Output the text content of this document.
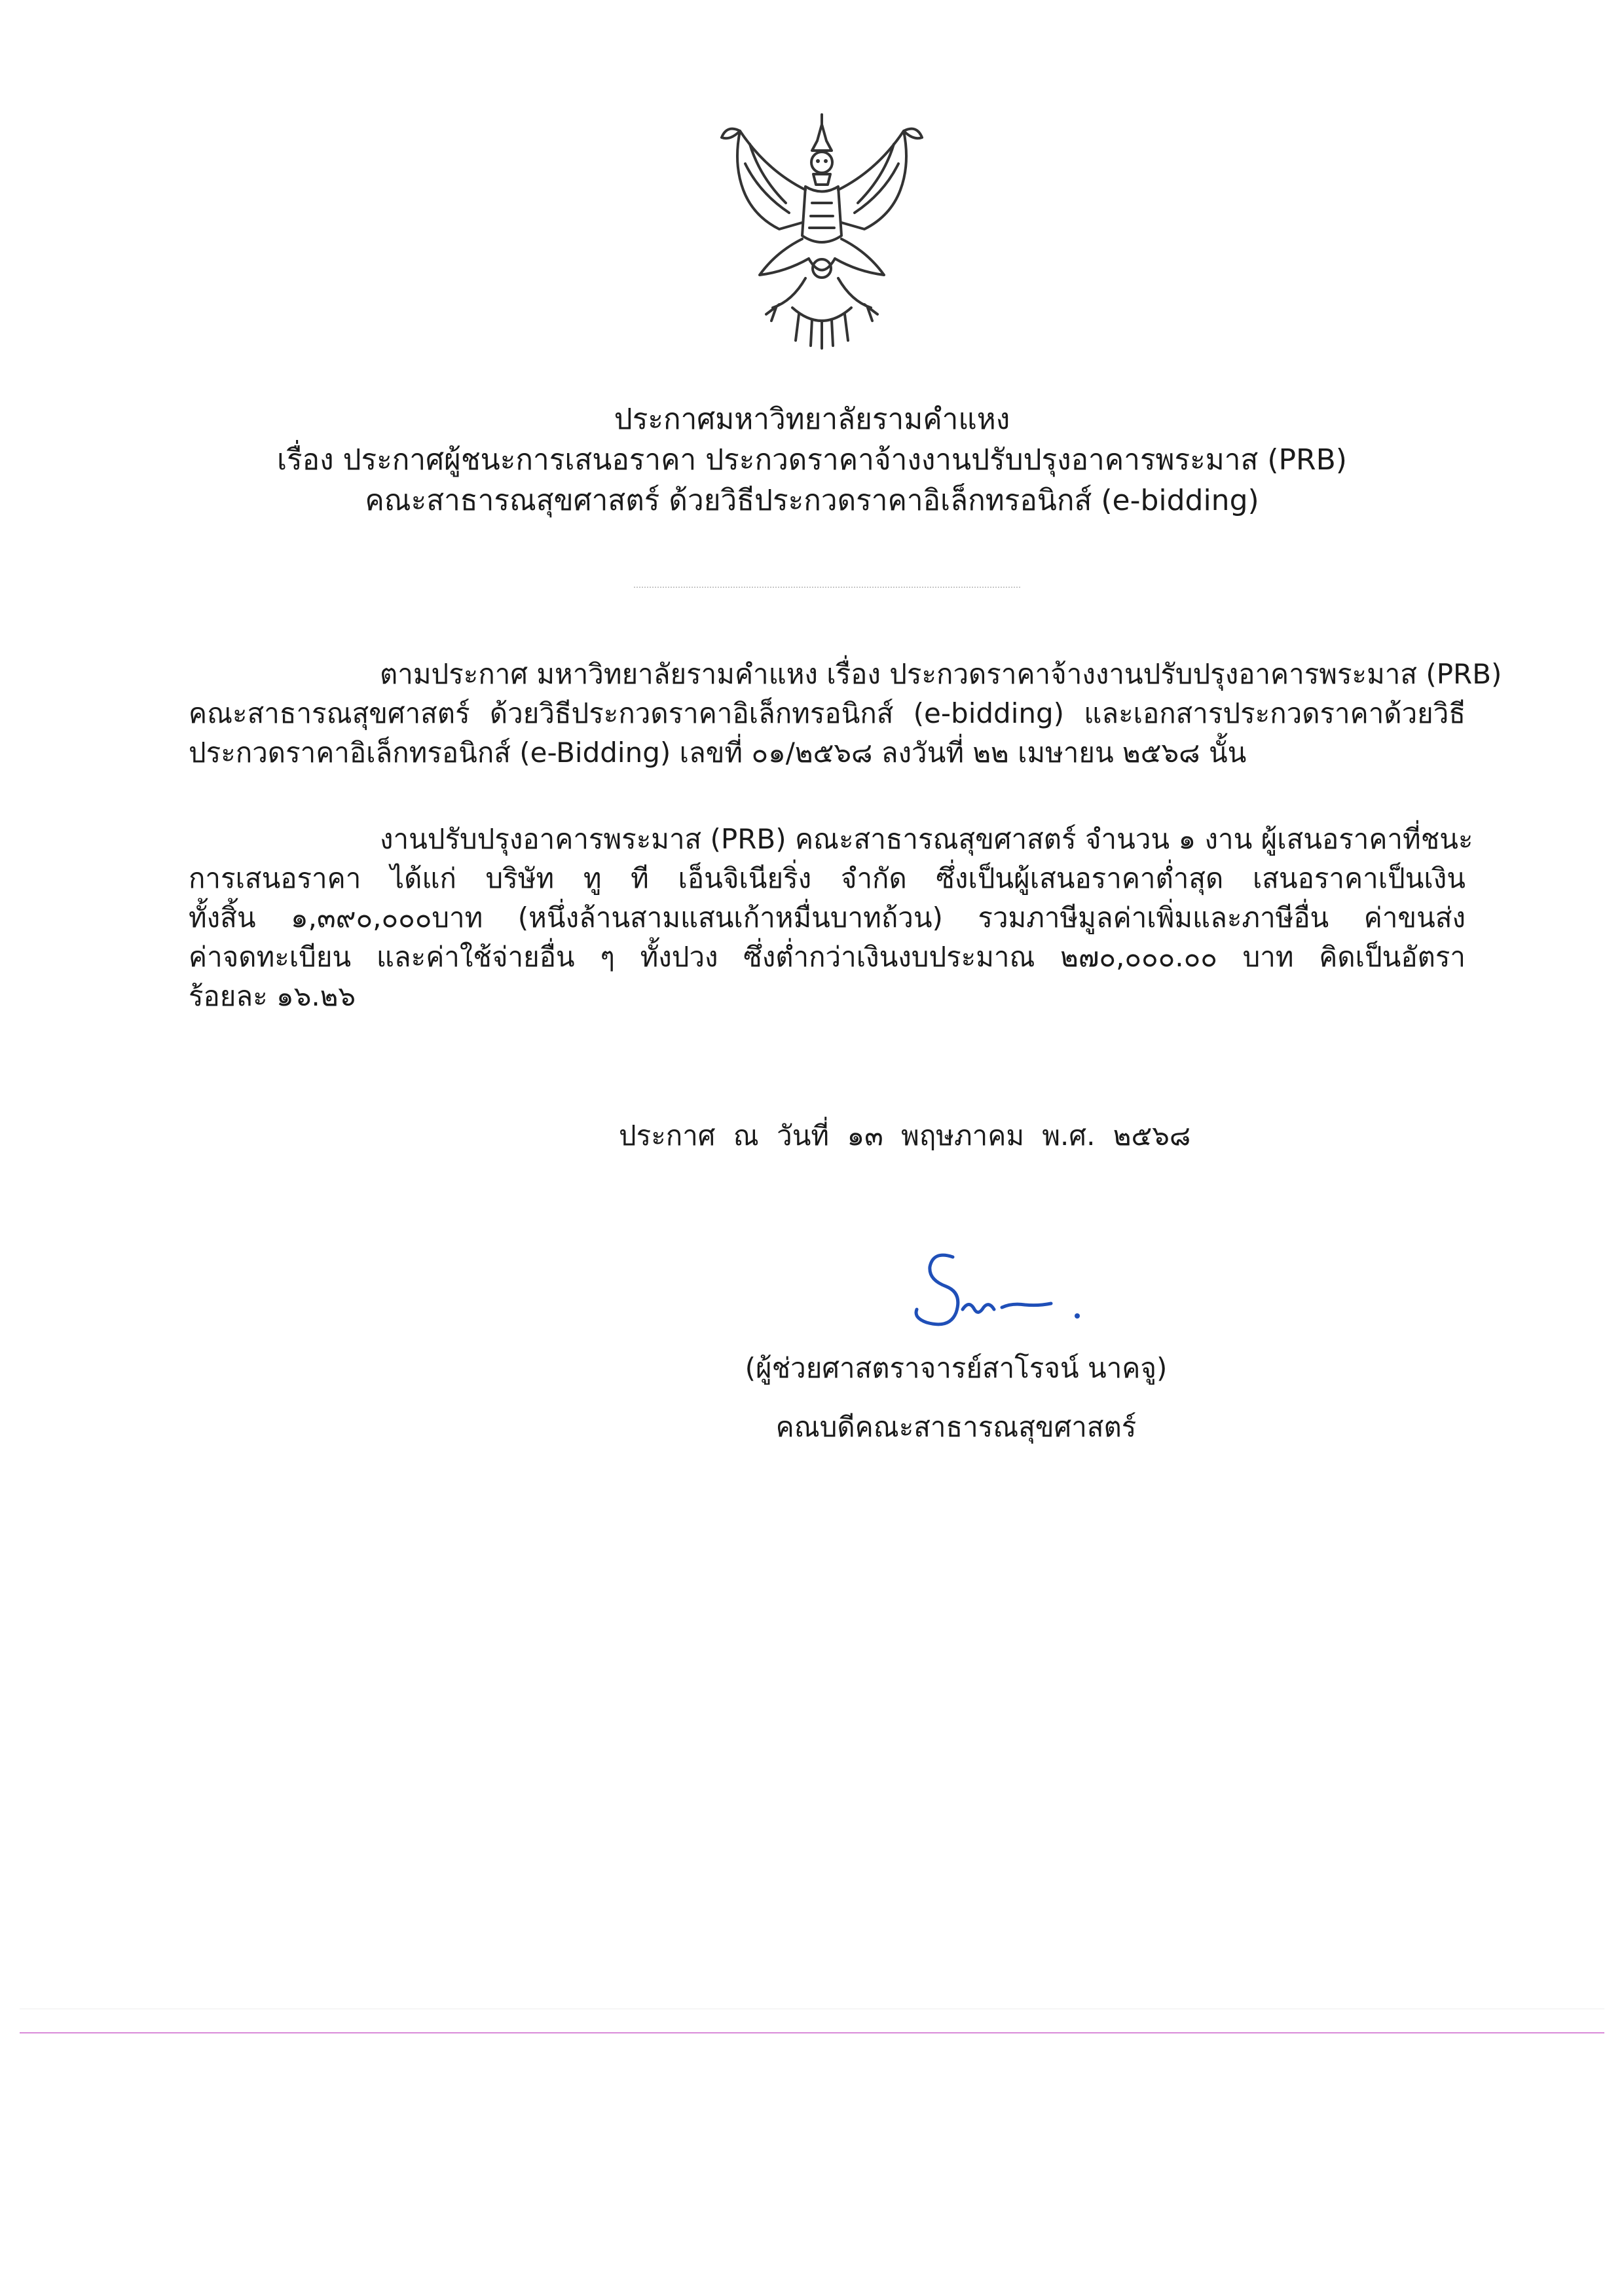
ประกาศมหาวิทยาลัยรามคำแหง
เรื่อง ประกาศผู้ชนะการเสนอราคา ประกวดราคาจ้างงานปรับปรุงอาคารพระมาส (PRB)
คณะสาธารณสุขศาสตร์ ด้วยวิธีประกวดราคาอิเล็กทรอนิกส์ (e-bidding)
ตามประกาศ มหาวิทยาลัยรามคำแหง เรื่อง ประกวดราคาจ้างงานปรับปรุงอาคารพระมาส (PRB)
คณะสาธารณสุขศาสตร์ ด้วยวิธีประกวดราคาอิเล็กทรอนิกส์ (e-bidding) และเอกสารประกวดราคาด้วยวิธี
ประกวดราคาอิเล็กทรอนิกส์ (e-Bidding) เลขที่ ๐๑/๒๕๖๘ ลงวันที่ ๒๒ เมษายน ๒๕๖๘ นั้น
งานปรับปรุงอาคารพระมาส (PRB) คณะสาธารณสุขศาสตร์ จำนวน ๑ งาน ผู้เสนอราคาที่ชนะ
การเสนอราคา ได้แก่ บริษัท ทู ที เอ็นจิเนียริ่ง จำกัด ซึ่งเป็นผู้เสนอราคาต่ำสุด เสนอราคาเป็นเงิน
ทั้งสิ้น ๑,๓๙๐,๐๐๐บาท (หนึ่งล้านสามแสนเก้าหมื่นบาทถ้วน) รวมภาษีมูลค่าเพิ่มและภาษีอื่น ค่าขนส่ง
ค่าจดทะเบียน และค่าใช้จ่ายอื่น ๆ ทั้งปวง ซึ่งต่ำกว่าเงินงบประมาณ ๒๗๐,๐๐๐.๐๐ บาท คิดเป็นอัตรา
ร้อยละ ๑๖.๒๖
ประกาศ ณ วันที่ ๑๓ พฤษภาคม พ.ศ. ๒๕๖๘
(ผู้ช่วยศาสตราจารย์สาโรจน์ นาคจู)
คณบดีคณะสาธารณสุขศาสตร์
